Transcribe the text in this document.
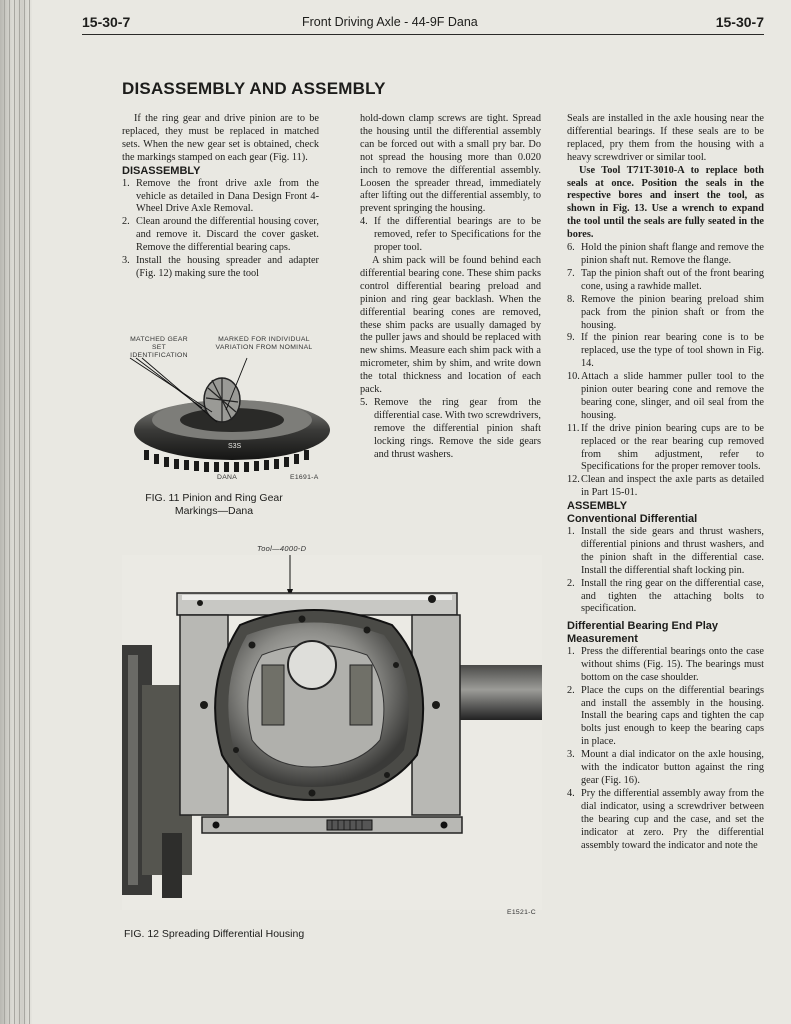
15-30-7	Front Driving Axle - 44-9F Dana	15-30-7
DISASSEMBLY AND ASSEMBLY

If the ring gear and drive pinion are to be replaced, they must be replaced in matched sets. When the new gear set is obtained, check the markings stamped on each gear (Fig. 11).

DISASSEMBLY

1. Remove the front drive axle from the vehicle as detailed in Dana Design Front 4-Wheel Drive Axle Removal.
2. Clean around the differential housing cover, and remove it. Discard the cover gasket. Remove the differential bearing caps.
3. Install the housing spreader and adapter (Fig. 12) making sure the tool
MATCHED GEAR SET IDENTIFICATION
MARKED FOR INDIVIDUAL VARIATION FROM NOMINAL
S3S
DANA	E1691-A
FIG. 11 Pinion and Ring Gear Markings—Dana
Tool—4000-D
E1521-C
FIG. 12 Spreading Differential Housing

hold-down clamp screws are tight. Spread the housing until the differential assembly can be forced out with a small pry bar. Do not spread the housing more than 0.020 inch to remove the differential assembly. Loosen the spreader thread, immediately after lifting out the differential assembly, to prevent springing the housing.

4. If the differential bearings are to be removed, refer to Specifications for the proper tool.

A shim pack will be found behind each differential bearing cone. These shim packs control differential bearing preload and pinion and ring gear backlash. When the differential bearing cones are removed, these shim packs are usually damaged by the puller jaws and should be replaced with new shims. Measure each shim pack with a micrometer, shim by shim, and write down the total thickness and location of each pack.

5. Remove the ring gear from the differential case. With two screwdrivers, remove the differential pinion shaft locking rings. Remove the side gears and thrust washers.

Seals are installed in the axle housing near the differential bearings. If these seals are to be replaced, pry them from the housing with a heavy screwdriver or similar tool.

Use Tool T71T-3010-A to replace both seals at once. Position the seals in the respective bores and insert the tool, as shown in Fig. 13. Use a wrench to expand the tool until the seals are fully seated in the bores.

6. Hold the pinion shaft flange and remove the pinion shaft nut. Remove the flange.
7. Tap the pinion shaft out of the front bearing cone, using a rawhide mallet.
8. Remove the pinion bearing preload shim pack from the pinion shaft or from the housing.
9. If the pinion rear bearing cone is to be replaced, use the type of tool shown in Fig. 14.
10. Attach a slide hammer puller tool to the pinion outer bearing cone and remove the bearing cone, slinger, and oil seal from the housing.
11. If the drive pinion bearing cups are to be replaced or the rear bearing cup removed from shim adjustment, refer to Specifications for the proper remover tools.
12. Clean and inspect the axle parts as detailed in Part 15-01.

ASSEMBLY

Conventional Differential

1. Install the side gears and thrust washers, differential pinions and thrust washers, and the pinion shaft in the differential case. Install the differential shaft locking pin.
2. Install the ring gear on the differential case, and tighten the attaching bolts to specification.

Differential Bearing End Play Measurement

1. Press the differential bearings onto the case without shims (Fig. 15). The bearings must bottom on the case shoulder.
2. Place the cups on the differential bearings and install the assembly in the housing. Install the bearing caps and tighten the cap bolts just enough to keep the bearing caps in place.
3. Mount a dial indicator on the axle housing, with the indicator button against the ring gear (Fig. 16).
4. Pry the differential assembly away from the dial indicator, using a screwdriver between the bearing cup and the case, and set the indicator at zero. Pry the differential assembly toward the indicator and note the
